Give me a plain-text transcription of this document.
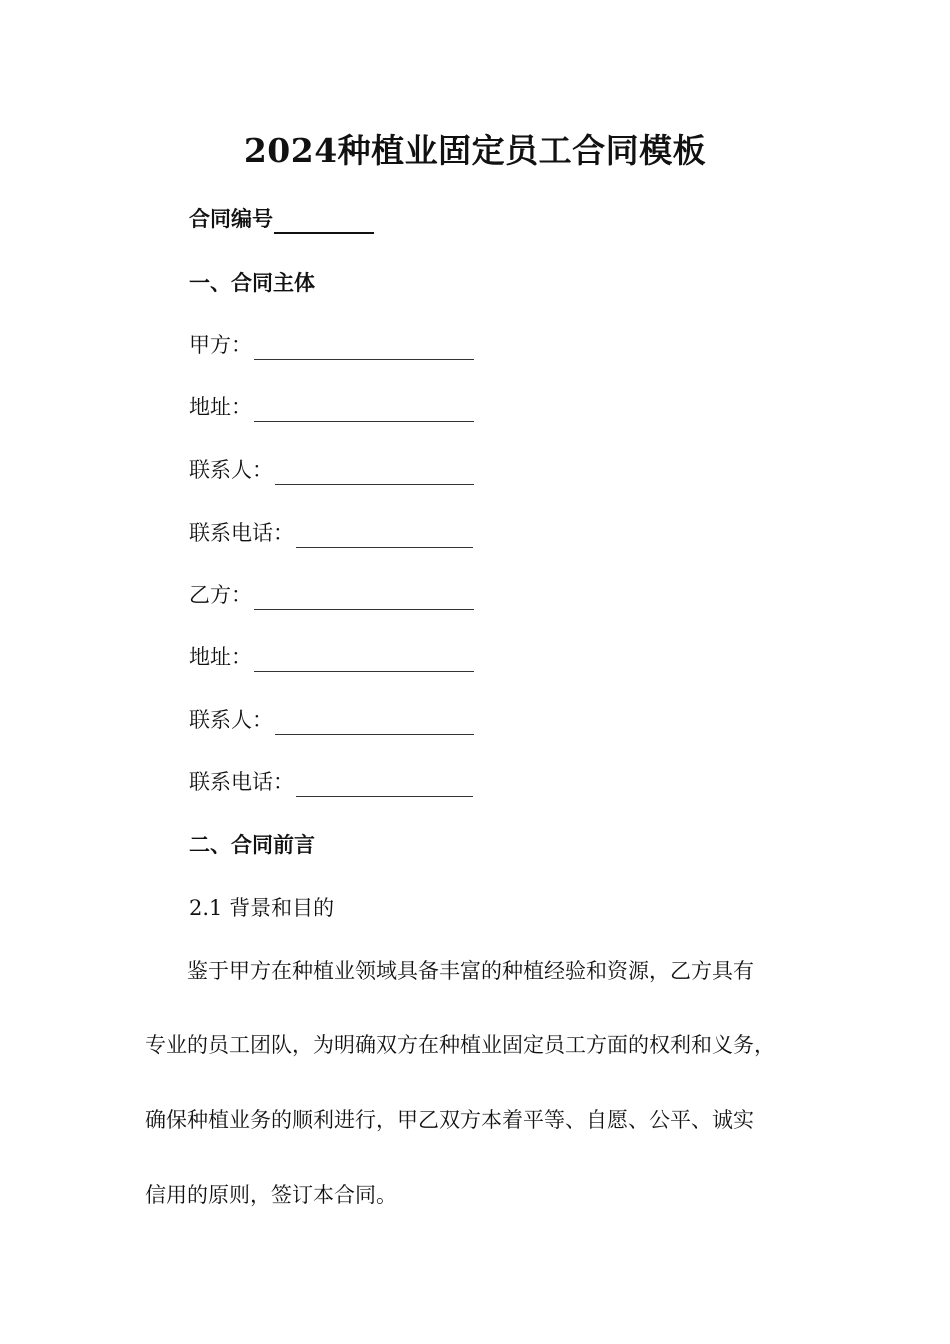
2024种植业固定员工合同模板
合同编号
一、合同主体
甲方：
地址：
联系人：
联系电话：
乙方：
地址：
联系人：
联系电话：
二、合同前言
2.1 背景和目的
　　鉴于甲方在种植业领域具备丰富的种植经验和资源，乙方具有
专业的员工团队，为明确双方在种植业固定员工方面的权利和义务，
确保种植业务的顺利进行，甲乙双方本着平等、自愿、公平、诚实
信用的原则，签订本合同。
